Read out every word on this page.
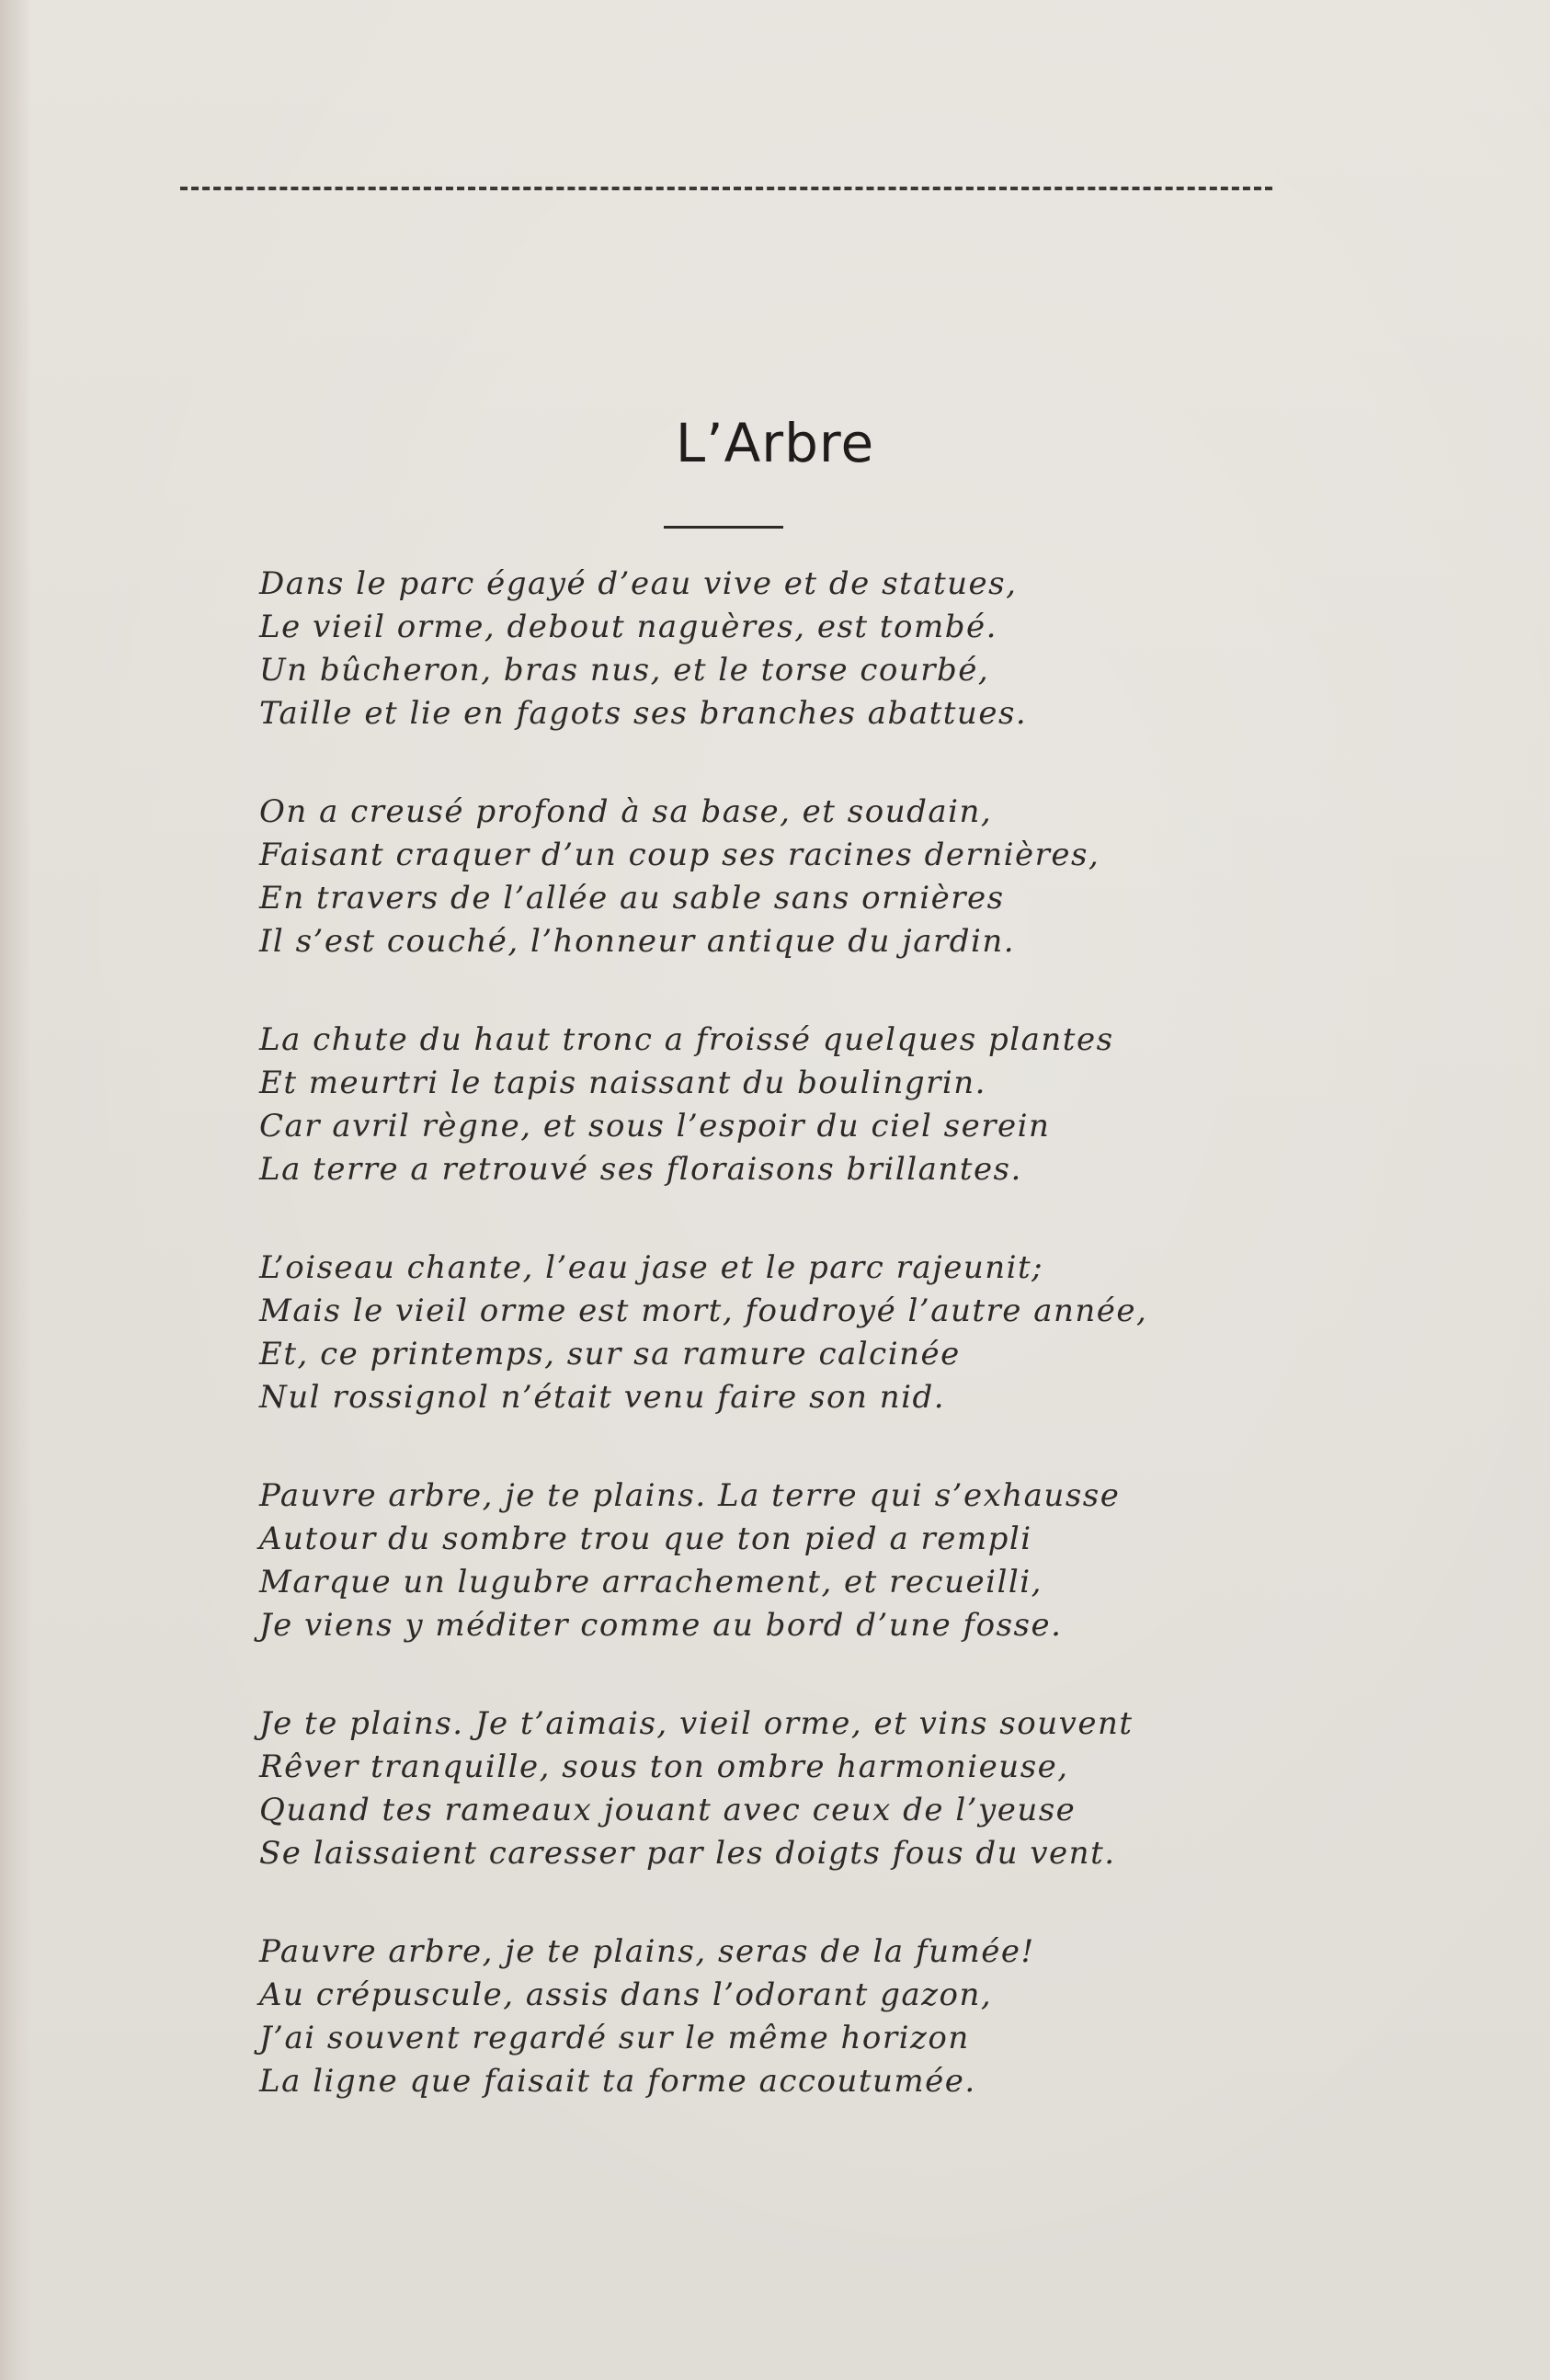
L’Arbre
Dans le parc égayé d’eau vive et de statues,
Le vieil orme, debout naguères, est tombé.
Un bûcheron, bras nus, et le torse courbé,
Taille et lie en fagots ses branches abattues.
On a creusé profond à sa base, et soudain,
Faisant craquer d’un coup ses racines dernières,
En travers de l’allée au sable sans ornières
Il s’est couché, l’honneur antique du jardin.
La chute du haut tronc a froissé quelques plantes
Et meurtri le tapis naissant du boulingrin.
Car avril règne, et sous l’espoir du ciel serein
La terre a retrouvé ses floraisons brillantes.
L’oiseau chante, l’eau jase et le parc rajeunit;
Mais le vieil orme est mort, foudroyé l’autre année,
Et, ce printemps, sur sa ramure calcinée
Nul rossignol n’était venu faire son nid.
Pauvre arbre, je te plains. La terre qui s’exhausse
Autour du sombre trou que ton pied a rempli
Marque un lugubre arrachement, et recueilli,
Je viens y méditer comme au bord d’une fosse.
Je te plains. Je t’aimais, vieil orme, et vins souvent
Rêver tranquille, sous ton ombre harmonieuse,
Quand tes rameaux jouant avec ceux de l’yeuse
Se laissaient caresser par les doigts fous du vent.
Pauvre arbre, je te plains, seras de la fumée!
Au crépuscule, assis dans l’odorant gazon,
J’ai souvent regardé sur le même horizon
La ligne que faisait ta forme accoutumée.
